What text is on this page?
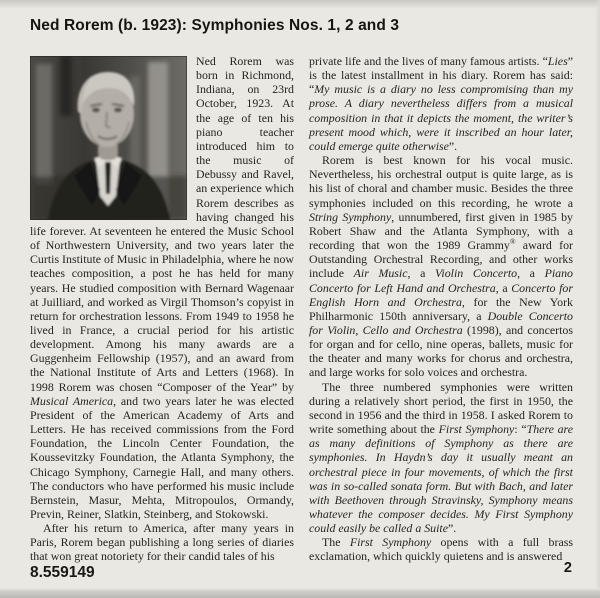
Ned Rorem (b. 1923): Symphonies Nos. 1, 2 and 3

Ned Rorem was born in Richmond, Indiana, on 23rd October, 1923. At the age of ten his piano teacher introduced him to the music of Debussy and Ravel, an experience which Rorem describes as having changed his life forever. At seventeen he entered the Music School of Northwestern University, and two years later the Curtis Institute of Music in Philadelphia, where he now teaches composition, a post he has held for many years. He studied composition with Bernard Wagenaar at Juilliard, and worked as Virgil Thomson’s copyist in return for orchestration lessons. From 1949 to 1958 he lived in France, a crucial period for his artistic development. Among his many awards are a Guggenheim Fellowship (1957), and an award from the National Institute of Arts and Letters (1968). In 1998 Rorem was chosen “Composer of the Year” by Musical America, and two years later he was elected President of the American Academy of Arts and Letters. He has received commissions from the Ford Foundation, the Lincoln Center Foundation, the Koussevitzky Foundation, the Atlanta Symphony, the Chicago Symphony, Carnegie Hall, and many others. The conductors who have performed his music include Bernstein, Masur, Mehta, Mitropoulos, Ormandy, Previn, Reiner, Slatkin, Steinberg, and Stokowski.

After his return to America, after many years in Paris, Rorem began publishing a long series of diaries that won great notoriety for their candid tales of his

private life and the lives of many famous artists. “Lies” is the latest installment in his diary. Rorem has said: “My music is a diary no less compromising than my prose. A diary nevertheless differs from a musical composition in that it depicts the moment, the writer’s present mood which, were it inscribed an hour later, could emerge quite otherwise”.

Rorem is best known for his vocal music. Nevertheless, his orchestral output is quite large, as is his list of choral and chamber music. Besides the three symphonies included on this recording, he wrote a String Symphony, unnumbered, first given in 1985 by Robert Shaw and the Atlanta Symphony, with a recording that won the 1989 Grammy® award for Outstanding Orchestral Recording, and other works include Air Music, a Violin Concerto, a Piano Concerto for Left Hand and Orchestra, a Concerto for English Horn and Orchestra, for the New York Philharmonic 150th anniversary, a Double Concerto for Violin, Cello and Orchestra (1998), and concertos for organ and for cello, nine operas, ballets, music for the theater and many works for chorus and orchestra, and large works for solo voices and orchestra.

The three numbered symphonies were written during a relatively short period, the first in 1950, the second in 1956 and the third in 1958. I asked Rorem to write something about the First Symphony: “There are as many definitions of Symphony as there are symphonies. In Haydn’s day it usually meant an orchestral piece in four movements, of which the first was in so-called sonata form. But with Bach, and later with Beethoven through Stravinsky, Symphony means whatever the composer decides. My First Symphony could easily be called a Suite”.

The First Symphony opens with a full brass exclamation, which quickly quietens and is answered

8.559149	2
